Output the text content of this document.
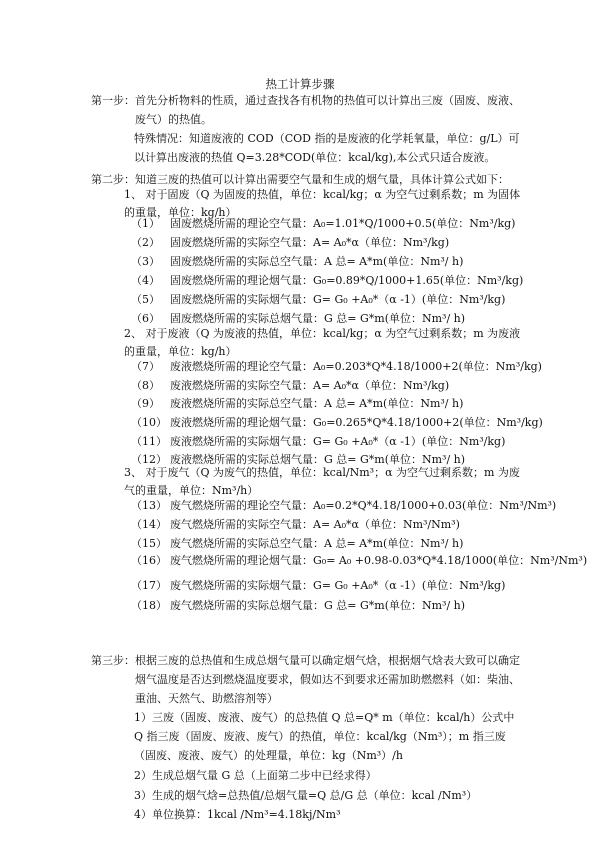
热工计算步骤
第一步： 首先分析物料的性质，通过查找各有机物的热值可以计算出三废（固废、废液、废气）的热值。
特殊情况：知道废液的 COD（COD 指的是废液的化学耗氧量，单位：g/L）可以计算出废液的热值 Q=3.28*COD(单位：kcal/kg),本公式只适合废液。
第二步： 知道三废的热值可以计算出需要空气量和生成的烟气量，具体计算公式如下：
1、 对于固废（Q 为固废的热值，单位：kcal/kg；α 为空气过剩系数；m 为固体的重量，单位：kg/h）
（1） 固废燃烧所需的理论空气量：A₀=1.01*Q/1000+0.5(单位：Nm³/kg)
（2） 固废燃烧所需的实际空气量：A= A₀*α（单位：Nm³/kg)
（3） 固废燃烧所需的实际总空气量：A 总= A*m(单位：Nm³/ h)
（4） 固废燃烧所需的理论烟气量：G₀=0.89*Q/1000+1.65(单位：Nm³/kg)
（5） 固废燃烧所需的实际烟气量：G= G₀ +A₀*（α -1）(单位：Nm³/kg)
（6） 固废燃烧所需的实际总烟气量：G 总= G*m(单位：Nm³/ h)
2、 对于废液（Q 为废液的热值，单位：kcal/kg；α 为空气过剩系数；m 为废液的重量，单位：kg/h）
（7） 废液燃烧所需的理论空气量：A₀=0.203*Q*4.18/1000+2(单位：Nm³/kg)
（8） 废液燃烧所需的实际空气量：A= A₀*α（单位：Nm³/kg)
（9） 废液燃烧所需的实际总空气量：A 总= A*m(单位：Nm³/ h)
（10） 废液燃烧所需的理论烟气量：G₀=0.265*Q*4.18/1000+2(单位：Nm³/kg)
（11） 废液燃烧所需的实际烟气量：G= G₀ +A₀*（α -1）(单位：Nm³/kg)
（12） 废液燃烧所需的实际总烟气量：G 总= G*m(单位：Nm³/ h)
3、 对于废气（Q 为废气的热值，单位：kcal/Nm³；α 为空气过剩系数；m 为废气的重量，单位：Nm³/h）
（13） 废气燃烧所需的理论空气量：A₀=0.2*Q*4.18/1000+0.03(单位：Nm³/Nm³)
（14） 废气燃烧所需的实际空气量：A= A₀*α（单位：Nm³/Nm³)
（15） 废气燃烧所需的实际总空气量：A 总= A*m(单位：Nm³/ h)
（16） 废气燃烧所需的理论烟气量：G₀= A₀ +0.98-0.03*Q*4.18/1000(单位：Nm³/Nm³)
（17） 废气燃烧所需的实际烟气量：G= G₀ +A₀*（α -1）(单位：Nm³/kg)
（18） 废气燃烧所需的实际总烟气量：G 总= G*m(单位：Nm³/ h)
第三步： 根据三废的总热值和生成总烟气量可以确定烟气焓，根据烟气焓表大致可以确定烟气温度是否达到燃烧温度要求，假如达不到要求还需加助燃燃料（如：柴油、重油、天然气、助燃溶剂等）
1）三废（固废、废液、废气）的总热值 Q 总=Q* m（单位：kcal/h）公式中 Q 指三废（固废、废液、废气）的热值，单位：kcal/kg（Nm³）；m 指三废（固废、废液、废气）的处理量，单位：kg（Nm³）/h
2）生成总烟气量 G 总（上面第二步中已经求得）
3）生成的烟气焓=总热值/总烟气量=Q 总/G 总（单位：kcal /Nm³）
4）单位换算：1kcal /Nm³=4.18kj/Nm³
